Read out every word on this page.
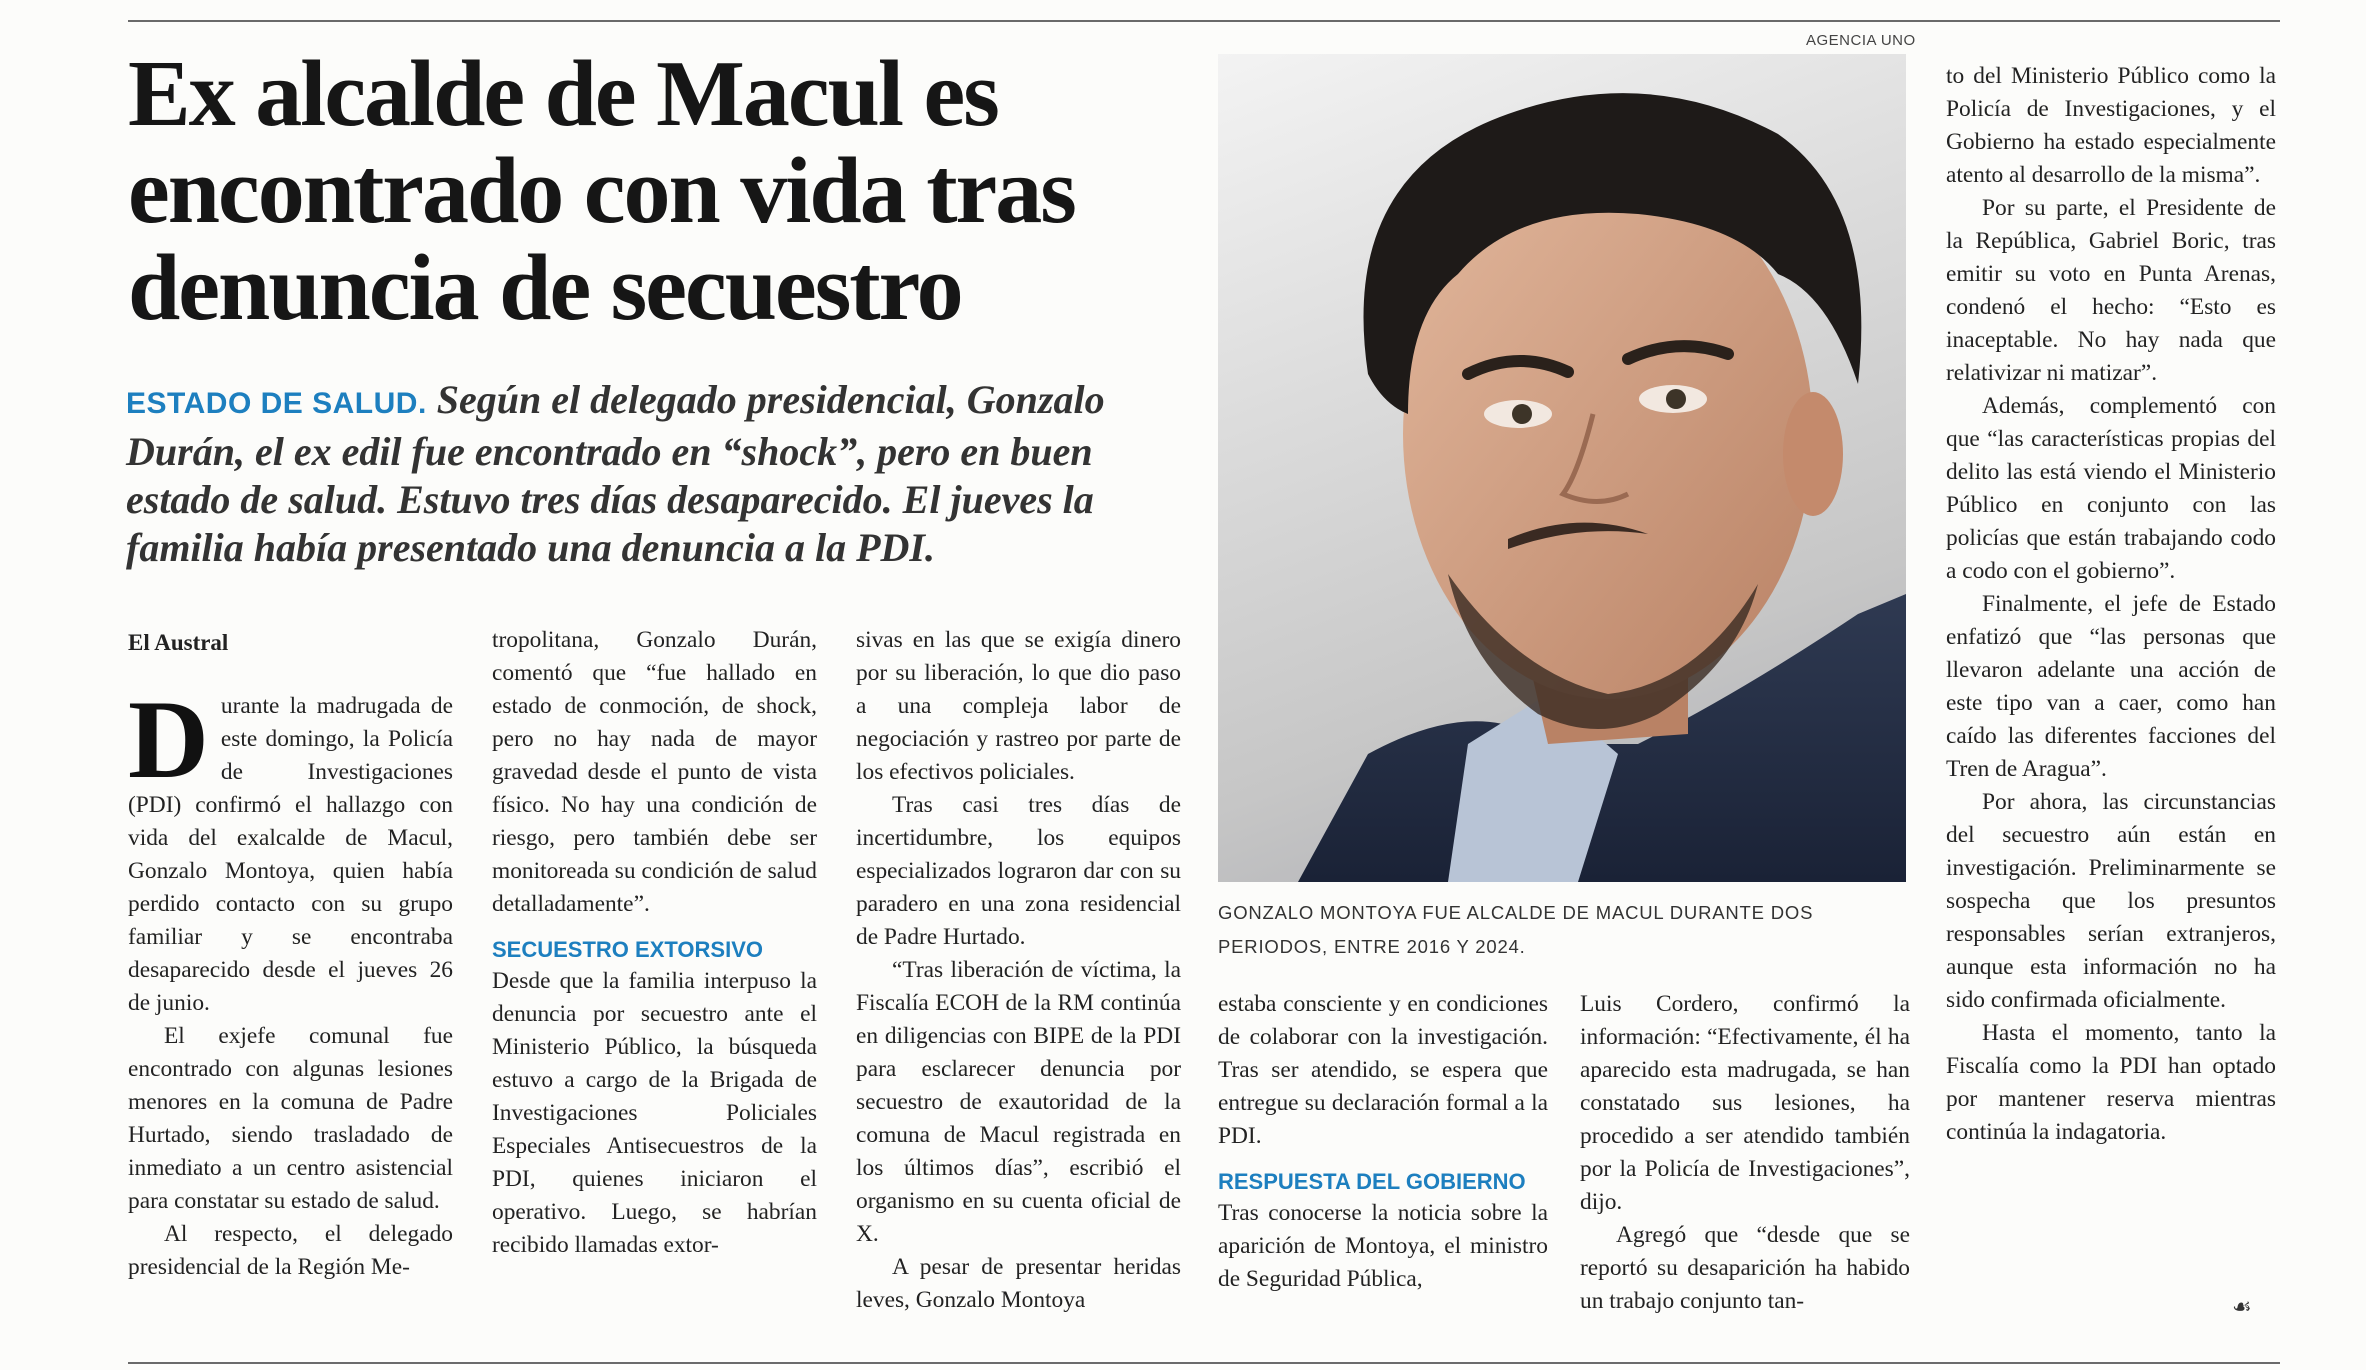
Ex alcalde de Macul es encontrado con vida tras denuncia de secuestro

ESTADO DE SALUD. Según el delegado presidencial, Gonzalo Durán, el ex edil fue encontrado en “shock”, pero en buen estado de salud. Estuvo tres días desaparecido. El jueves la familia había presentado una denuncia a la PDI.

El Austral
D urante la madrugada de este domingo, la Policía de Investigaciones (PDI) confirmó el hallazgo con vida del exalcalde de Macul, Gonzalo Montoya, quien había perdido contacto con su grupo familiar y se encontraba desaparecido desde el jueves 26 de junio.

El exjefe comunal fue encontrado con algunas lesiones menores en la comuna de Padre Hurtado, siendo trasladado de inmediato a un centro asistencial para constatar su estado de salud.

Al respecto, el delegado presidencial de la Región Me-

tropolitana, Gonzalo Durán, comentó que “fue hallado en estado de conmoción, de shock, pero no hay nada de mayor gravedad desde el punto de vista físico. No hay una condición de riesgo, pero también debe ser monitoreada su condición de salud detalladamente”.

SECUESTRO EXTORSIVO

Desde que la familia interpuso la denuncia por secuestro ante el Ministerio Público, la búsqueda estuvo a cargo de la Brigada de Investigaciones Policiales Especiales Antisecuestros de la PDI, quienes iniciaron el operativo. Luego, se habrían recibido llamadas extor-

sivas en las que se exigía dinero por su liberación, lo que dio paso a una compleja labor de negociación y rastreo por parte de los efectivos policiales.

Tras casi tres días de incertidumbre, los equipos especializados lograron dar con su paradero en una zona residencial de Padre Hurtado.

“Tras liberación de víctima, la Fiscalía ECOH de la RM continúa en diligencias con BIPE de la PDI para esclarecer denuncia por secuestro de exautoridad de la comuna de Macul registrada en los últimos días”, escribió el organismo en su cuenta oficial de X.

A pesar de presentar heridas leves, Gonzalo Montoya

AGENCIA UNO
GONZALO MONTOYA FUE ALCALDE DE MACUL DURANTE DOS PERIODOS, ENTRE 2016 Y 2024.

estaba consciente y en condiciones de colaborar con la investigación. Tras ser atendido, se espera que entregue su declaración formal a la PDI.

RESPUESTA DEL GOBIERNO

Tras conocerse la noticia sobre la aparición de Montoya, el ministro de Seguridad Pública,

Luis Cordero, confirmó la información: “Efectivamente, él ha aparecido esta madrugada, se han constatado sus lesiones, ha procedido a ser atendido también por la Policía de Investigaciones”, dijo.

Agregó que “desde que se reportó su desaparición ha habido un trabajo conjunto tan-

to del Ministerio Público como la Policía de Investigaciones, y el Gobierno ha estado especialmente atento al desarrollo de la misma”.

Por su parte, el Presidente de la República, Gabriel Boric, tras emitir su voto en Punta Arenas, condenó el hecho: “Esto es inaceptable. No hay nada que relativizar ni matizar”.

Además, complementó con que “las características propias del delito las está viendo el Ministerio Público en conjunto con las policías que están trabajando codo a codo con el gobierno”.

Finalmente, el jefe de Estado enfatizó que “las personas que llevaron adelante una acción de este tipo van a caer, como han caído las diferentes facciones del Tren de Aragua”.

Por ahora, las circunstancias del secuestro aún están en investigación. Preliminarmente se sospecha que los presuntos responsables serían extranjeros, aunque esta información no ha sido confirmada oficialmente.

Hasta el momento, tanto la Fiscalía como la PDI han optado por mantener reserva mientras continúa la indagatoria.

☙
